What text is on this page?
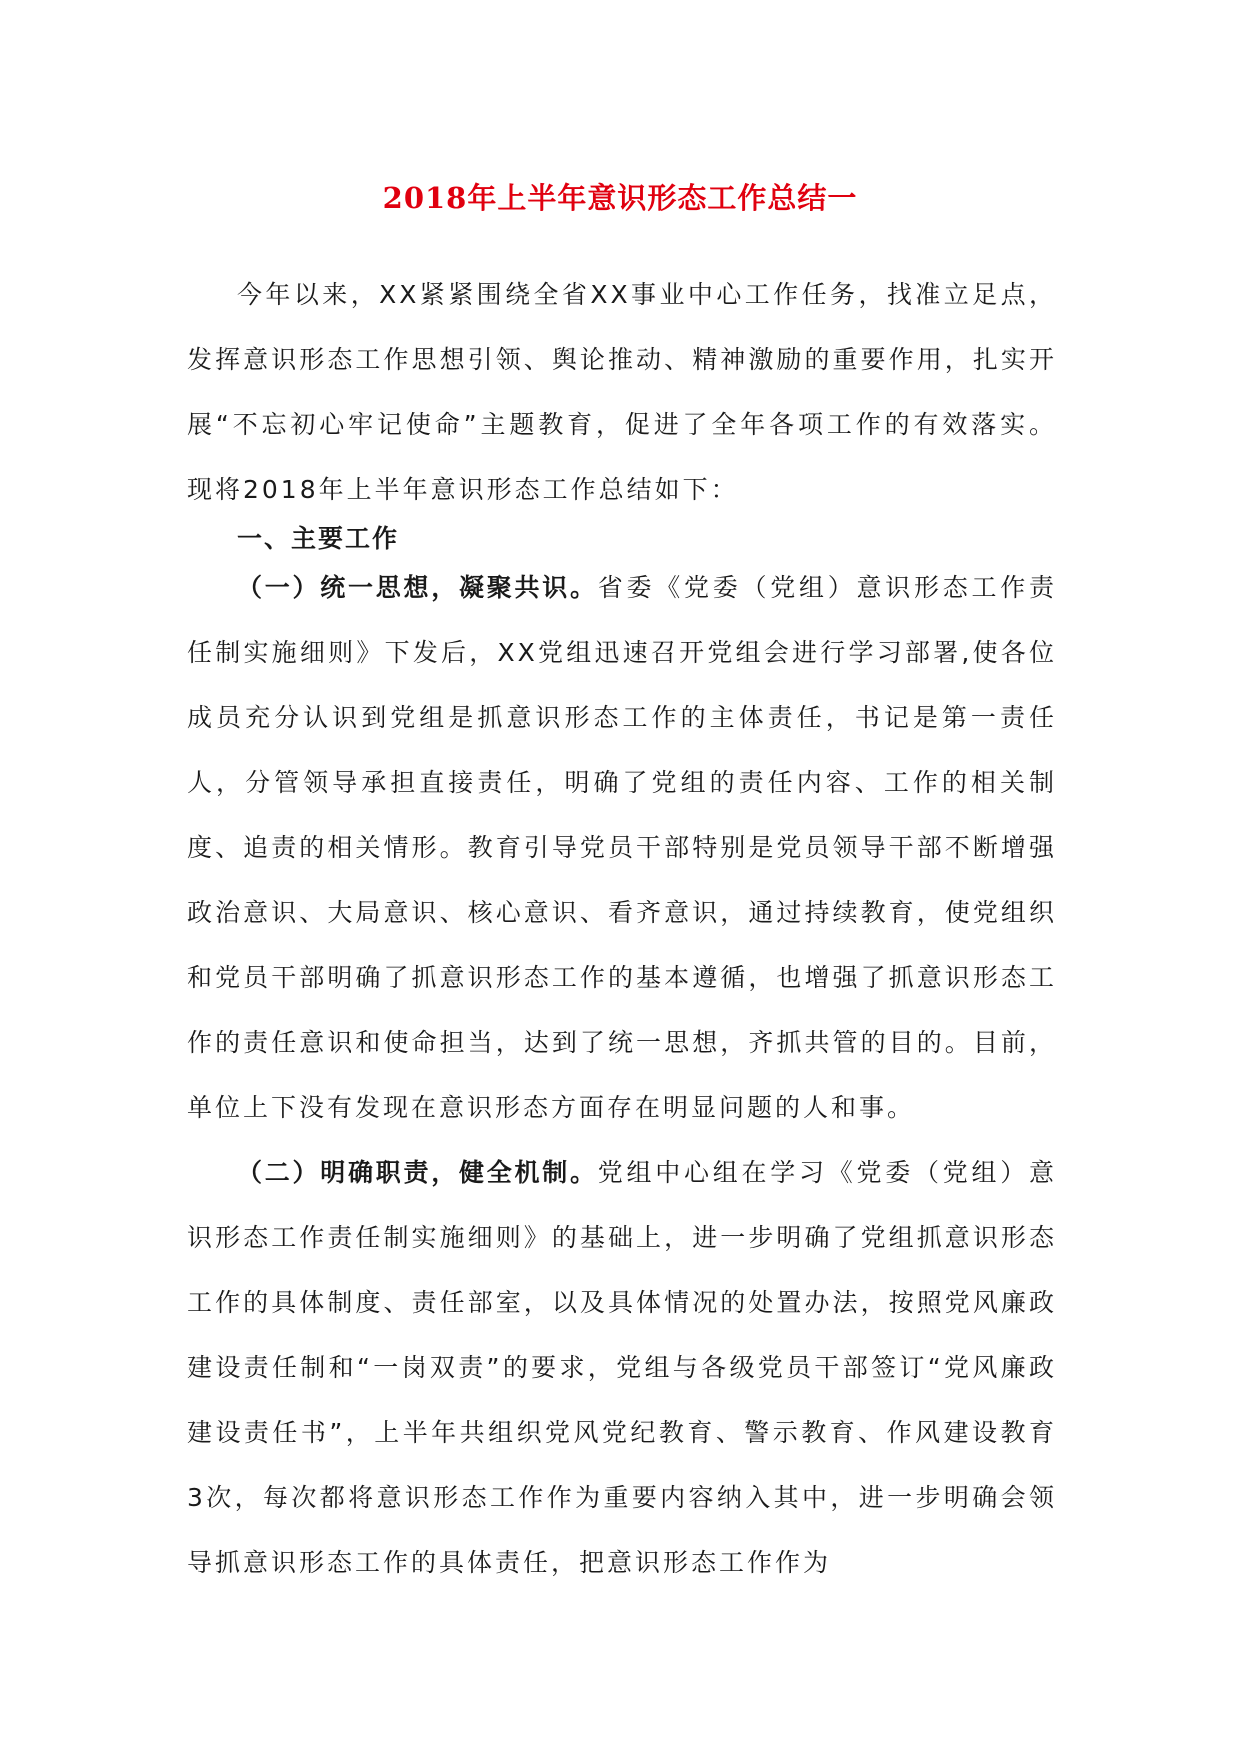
2018年上半年意识形态工作总结一

今年以来，XX紧紧围绕全省XX事业中心工作任务，找准立足点，发挥意识形态工作思想引领、舆论推动、精神激励的重要作用，扎实开展“不忘初心牢记使命”主题教育，促进了全年各项工作的有效落实。现将2018年上半年意识形态工作总结如下：

一、主要工作

（一）统一思想，凝聚共识。省委《党委（党组）意识形态工作责任制实施细则》下发后，XX党组迅速召开党组会进行学习部署,使各位成员充分认识到党组是抓意识形态工作的主体责任，书记是第一责任人，分管领导承担直接责任，明确了党组的责任内容、工作的相关制度、追责的相关情形。教育引导党员干部特别是党员领导干部不断增强政治意识、大局意识、核心意识、看齐意识，通过持续教育，使党组织和党员干部明确了抓意识形态工作的基本遵循，也增强了抓意识形态工作的责任意识和使命担当，达到了统一思想，齐抓共管的目的。目前，单位上下没有发现在意识形态方面存在明显问题的人和事。

（二）明确职责，健全机制。党组中心组在学习《党委（党组）意识形态工作责任制实施细则》的基础上，进一步明确了党组抓意识形态工作的具体制度、责任部室，以及具体情况的处置办法，按照党风廉政建设责任制和“一岗双责”的要求，党组与各级党员干部签订“党风廉政建设责任书”，上半年共组织党风党纪教育、警示教育、作风建设教育3次，每次都将意识形态工作作为重要内容纳入其中，进一步明确会领导抓意识形态工作的具体责任，把意识形态工作作为
